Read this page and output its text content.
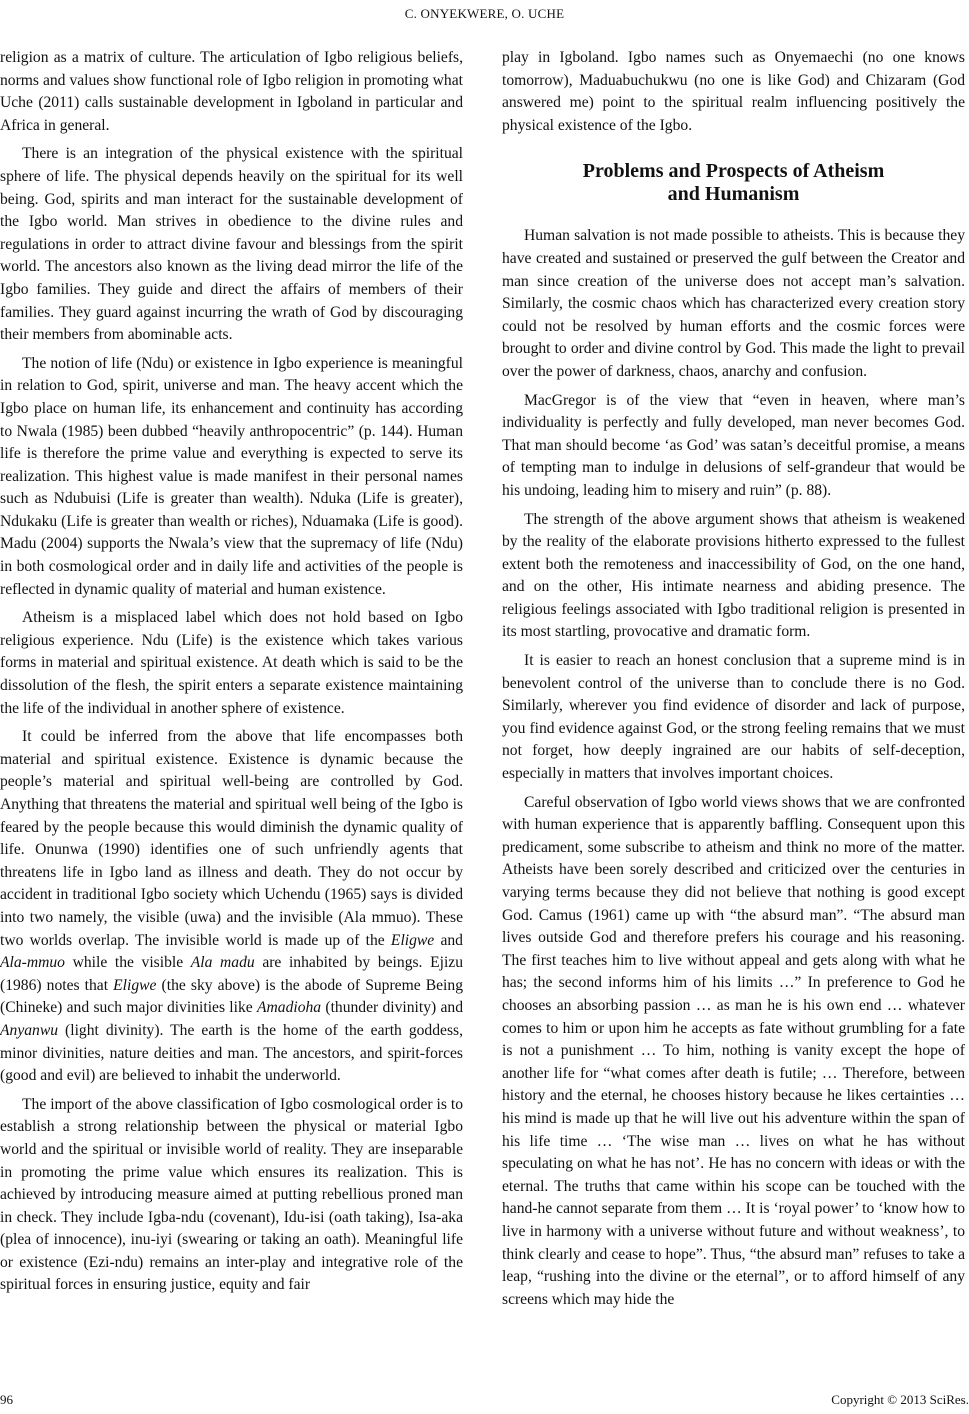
C. ONYEKWERE, O. UCHE

religion as a matrix of culture. The articulation of Igbo religious beliefs, norms and values show functional role of Igbo religion in promoting what Uche (2011) calls sustainable development in Igboland in particular and Africa in general.

There is an integration of the physical existence with the spiritual sphere of life. The physical depends heavily on the spiritual for its well being. God, spirits and man interact for the sustainable development of the Igbo world. Man strives in obedience to the divine rules and regulations in order to attract divine favour and blessings from the spirit world. The ancestors also known as the living dead mirror the life of the Igbo families. They guide and direct the affairs of members of their families. They guard against incurring the wrath of God by discouraging their members from abominable acts.

The notion of life (Ndu) or existence in Igbo experience is meaningful in relation to God, spirit, universe and man. The heavy accent which the Igbo place on human life, its enhancement and continuity has according to Nwala (1985) been dubbed “heavily anthropocentric” (p. 144). Human life is therefore the prime value and everything is expected to serve its realization. This highest value is made manifest in their personal names such as Ndubuisi (Life is greater than wealth). Nduka (Life is greater), Ndukaku (Life is greater than wealth or riches), Nduamaka (Life is good). Madu (2004) supports the Nwala’s view that the supremacy of life (Ndu) in both cosmological order and in daily life and activities of the people is reflected in dynamic quality of material and human existence.

Atheism is a misplaced label which does not hold based on Igbo religious experience. Ndu (Life) is the existence which takes various forms in material and spiritual existence. At death which is said to be the dissolution of the flesh, the spirit enters a separate existence maintaining the life of the individual in another sphere of existence.

It could be inferred from the above that life encompasses both material and spiritual existence. Existence is dynamic because the people’s material and spiritual well-being are controlled by God. Anything that threatens the material and spiritual well being of the Igbo is feared by the people because this would diminish the dynamic quality of life. Onunwa (1990) identifies one of such unfriendly agents that threatens life in Igbo land as illness and death. They do not occur by accident in traditional Igbo society which Uchendu (1965) says is divided into two namely, the visible (uwa) and the invisible (Ala mmuo). These two worlds overlap. The invisible world is made up of the Eligwe and Ala-mmuo while the visible Ala madu are inhabited by beings. Ejizu (1986) notes that Eligwe (the sky above) is the abode of Supreme Being (Chineke) and such major divinities like Amadioha (thunder divinity) and Anyanwu (light divinity). The earth is the home of the earth goddess, minor divinities, nature deities and man. The ancestors, and spirit-forces (good and evil) are believed to inhabit the underworld.

The import of the above classification of Igbo cosmological order is to establish a strong relationship between the physical or material Igbo world and the spiritual or invisible world of reality. They are inseparable in promoting the prime value which ensures its realization. This is achieved by introducing measure aimed at putting rebellious proned man in check. They include Igba-ndu (covenant), Idu-isi (oath taking), Isa-aka (plea of innocence), inu-iyi (swearing or taking an oath). Meaningful life or existence (Ezi-ndu) remains an inter-play and integrative role of the spiritual forces in ensuring justice, equity and fair

play in Igboland. Igbo names such as Onyemaechi (no one knows tomorrow), Maduabuchukwu (no one is like God) and Chizaram (God answered me) point to the spiritual realm influencing positively the physical existence of the Igbo.

Problems and Prospects of Atheism
and Humanism

Human salvation is not made possible to atheists. This is because they have created and sustained or preserved the gulf between the Creator and man since creation of the universe does not accept man’s salvation. Similarly, the cosmic chaos which has characterized every creation story could not be resolved by human efforts and the cosmic forces were brought to order and divine control by God. This made the light to prevail over the power of darkness, chaos, anarchy and confusion.

MacGregor is of the view that “even in heaven, where man’s individuality is perfectly and fully developed, man never becomes God. That man should become ‘as God’ was satan’s deceitful promise, a means of tempting man to indulge in delusions of self-grandeur that would be his undoing, leading him to misery and ruin” (p. 88).

The strength of the above argument shows that atheism is weakened by the reality of the elaborate provisions hitherto expressed to the fullest extent both the remoteness and inaccessibility of God, on the one hand, and on the other, His intimate nearness and abiding presence. The religious feelings associated with Igbo traditional religion is presented in its most startling, provocative and dramatic form.

It is easier to reach an honest conclusion that a supreme mind is in benevolent control of the universe than to conclude there is no God. Similarly, wherever you find evidence of disorder and lack of purpose, you find evidence against God, or the strong feeling remains that we must not forget, how deeply ingrained are our habits of self-deception, especially in matters that involves important choices.

Careful observation of Igbo world views shows that we are confronted with human experience that is apparently baffling. Consequent upon this predicament, some subscribe to atheism and think no more of the matter. Atheists have been sorely described and criticized over the centuries in varying terms because they did not believe that nothing is good except God. Camus (1961) came up with “the absurd man”. “The absurd man lives outside God and therefore prefers his courage and his reasoning. The first teaches him to live without appeal and gets along with what he has; the second informs him of his limits …” In preference to God he chooses an absorbing passion … as man he is his own end … whatever comes to him or upon him he accepts as fate without grumbling for a fate is not a punishment … To him, nothing is vanity except the hope of another life for “what comes after death is futile; … Therefore, between history and the eternal, he chooses history because he likes certainties … his mind is made up that he will live out his adventure within the span of his life time … ‘The wise man … lives on what he has without speculating on what he has not’. He has no concern with ideas or with the eternal. The truths that came within his scope can be touched with the hand-he cannot separate from them … It is ‘royal power’ to ‘know how to live in harmony with a universe without future and without weakness’, to think clearly and cease to hope”. Thus, “the absurd man” refuses to take a leap, “rushing into the divine or the eternal”, or to afford himself of any screens which may hide the

96	Copyright © 2013 SciRes.
